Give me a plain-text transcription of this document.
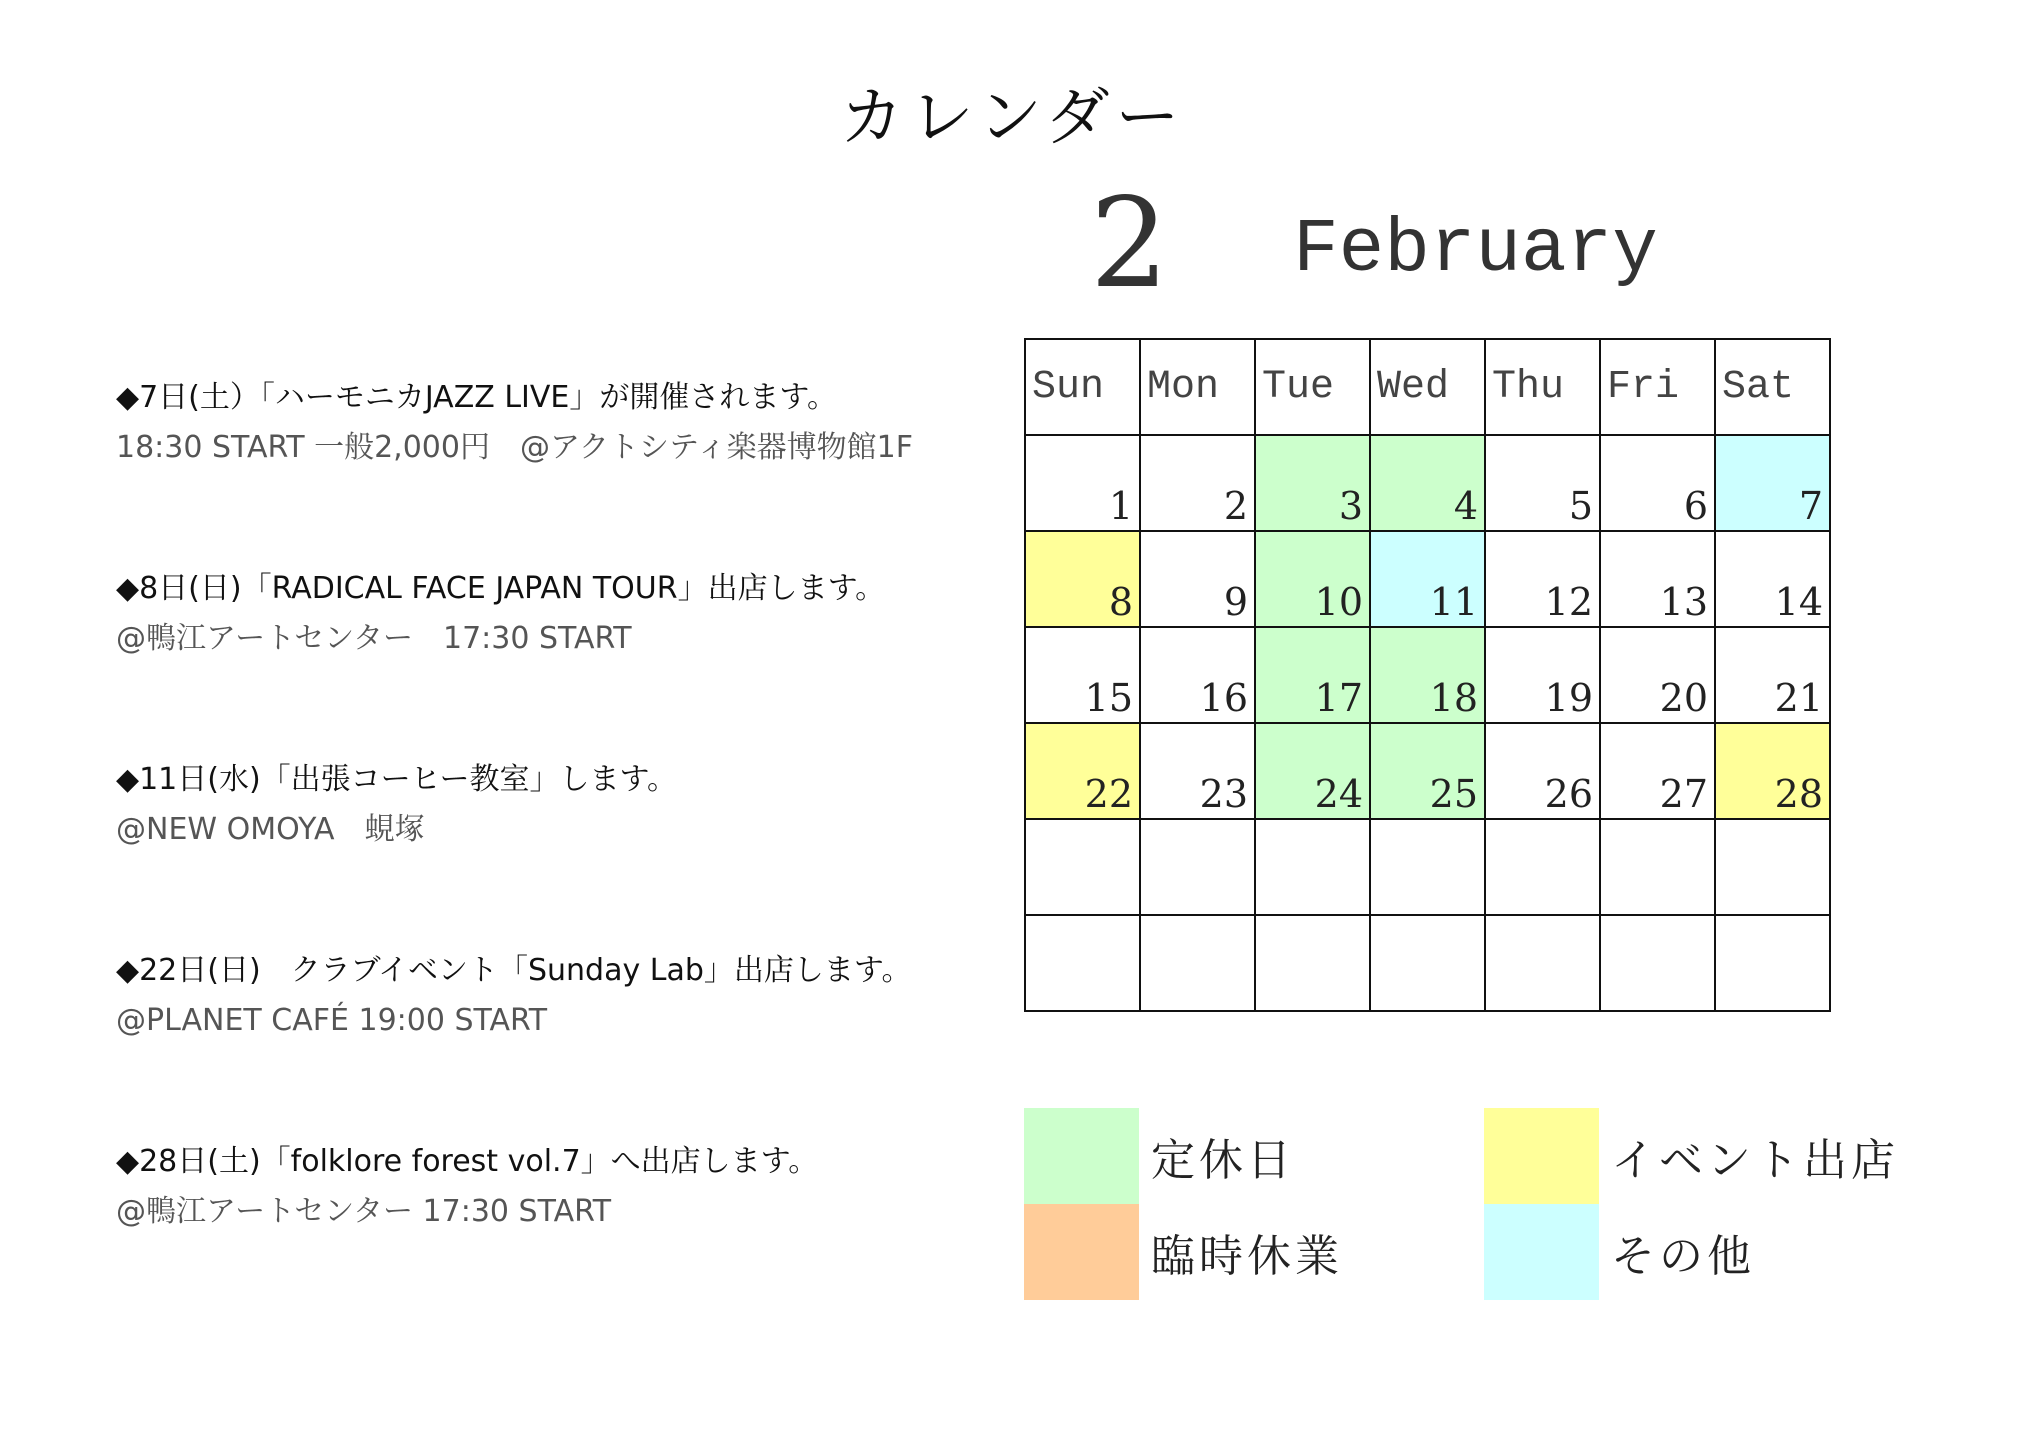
カレンダー
2 February
◆7日(土）「ハーモニカJAZZ LIVE」が開催されます。
18:30 START 一般2,000円　@アクトシティ楽器博物館1F
◆8日(日)「RADICAL FACE JAPAN TOUR」出店します。
@鴨江アートセンター　17:30 START
◆11日(水)「出張コーヒー教室」します。
@NEW OMOYA　蜆塚
◆22日(日)　クラブイベント「Sunday Lab」出店します。
@PLANET CAFÉ 19:00 START
◆28日(土)「folklore forest vol.7」へ出店します。
@鴨江アートセンター 17:30 START
Sun	Mon	Tue	Wed	Thu	Fri	Sat
1	2	3	4	5	6	7
8	9	10	11	12	13	14
15	16	17	18	19	20	21
22	23	24	25	26	27	28

定休日
臨時休業
イベント出店
その他
